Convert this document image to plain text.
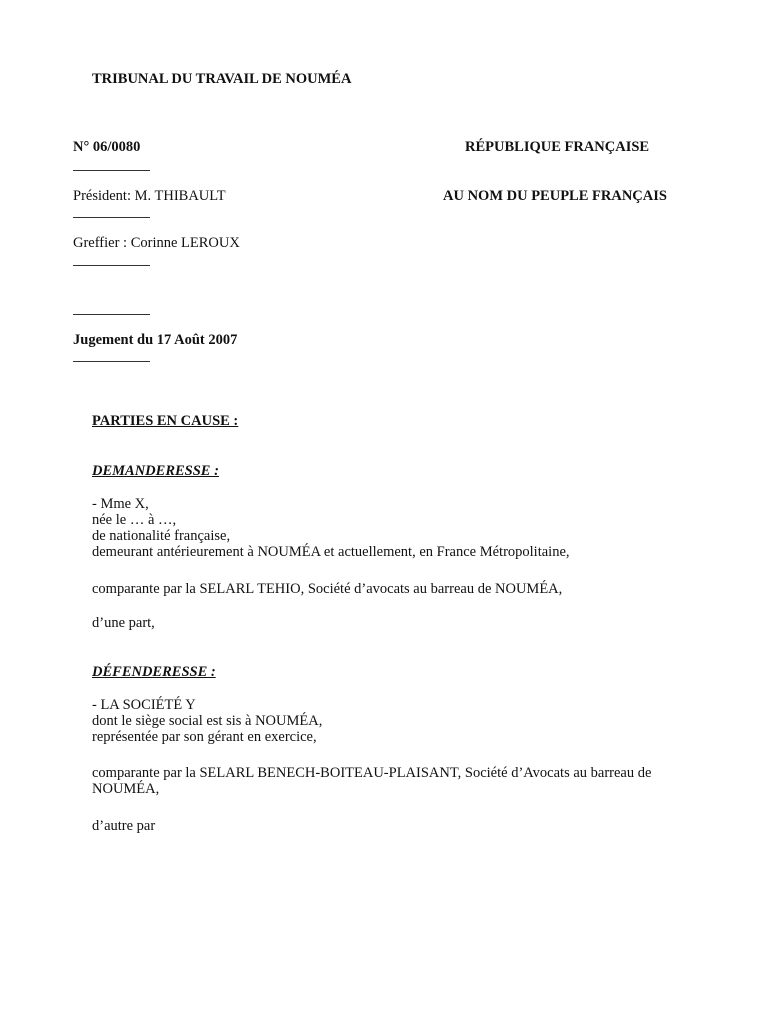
TRIBUNAL DU TRAVAIL DE NOUMÉA
N° 06/0080	RÉPUBLIQUE FRANÇAISE
Président: M. THIBAULT	AU NOM DU PEUPLE FRANÇAIS
Greffier : Corinne LEROUX
Jugement du 17 Août 2007
PARTIES EN CAUSE :
DEMANDERESSE :
- Mme X,
née le … à …,
de nationalité française,
demeurant antérieurement à NOUMÉA et actuellement, en France Métropolitaine,
comparante par la SELARL TEHIO, Société d’avocats au barreau de NOUMÉA,
d’une part,
DÉFENDERESSE :
- LA SOCIÉTÉ Y
dont le siège social est sis à NOUMÉA,
représentée par son gérant en exercice,
comparante par la SELARL BENECH-BOITEAU-PLAISANT, Société d’Avocats au barreau de
NOUMÉA,
d’autre par
